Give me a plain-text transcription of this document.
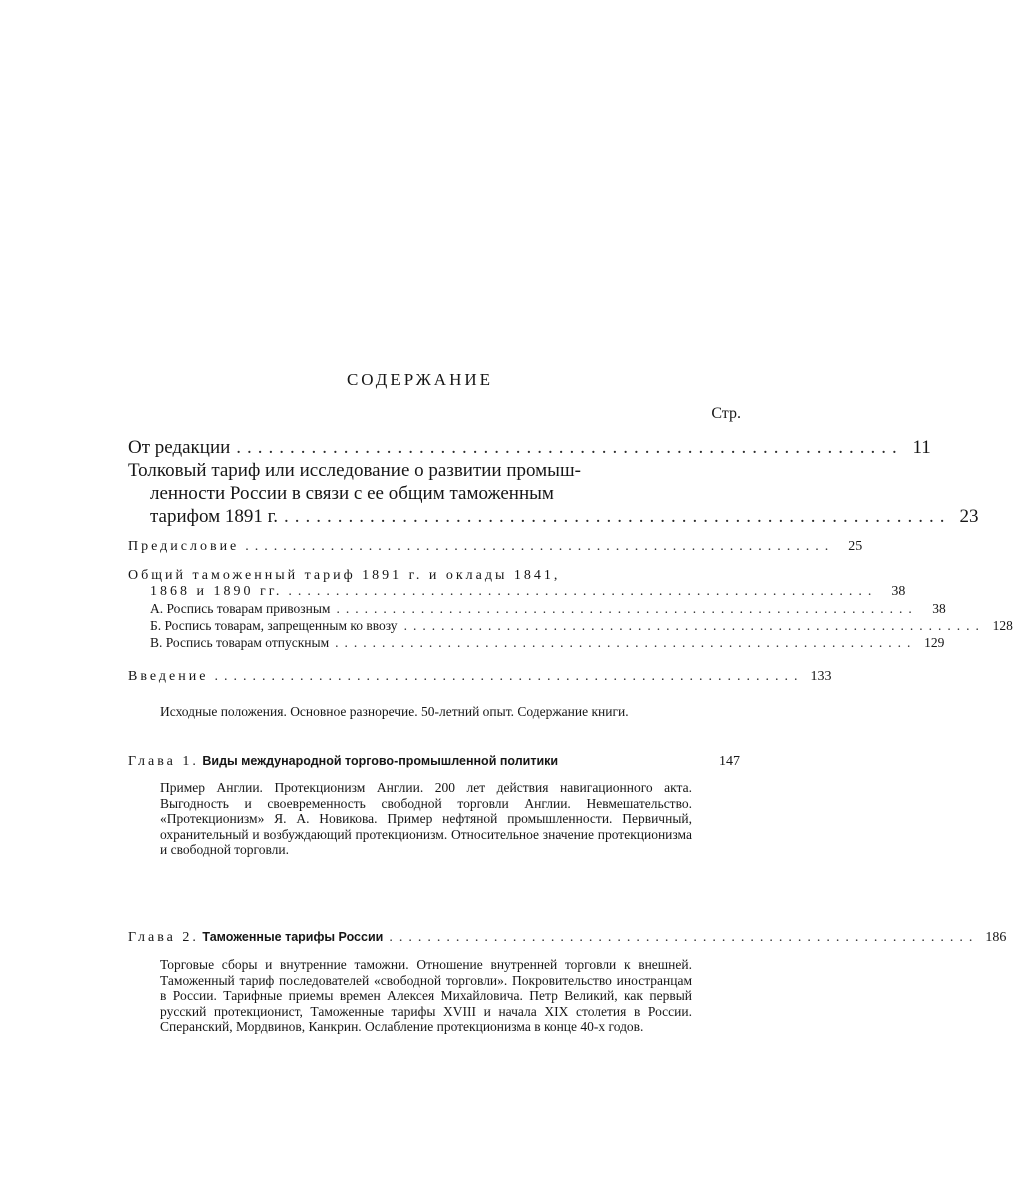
СОДЕРЖАНИЕ
Стр.
От редакции .............................................................. 11
Толковый тариф или исследование о развитии промыш-
ленности России в связи с ее общим таможенным
тарифом 1891 г. .............................................................. 23
Предисловие ..............................................................	25
Общий таможенный тариф 1891 г. и оклады 1841,
1868 и 1890 гг. ..............................................................	38
А. Роспись товарам привозным ..............................................................	38
Б. Роспись товарам, запрещенным ко ввозу .............................................................. 128
В. Роспись товарам отпускным .............................................................. 129
Введение .............................................................. 133
Исходные положения. Основное разноречие. 50-летний опыт. Содержание книги.
Глава 1. Виды международной торгово-промышленной политики	147
Пример Англии. Протекционизм Англии. 200 лет действия навигационного акта. Выгодность и своевременность свободной торговли Англии. Невмешательство. «Протекционизм» Я. А. Новикова. Пример нефтяной промышленности. Первичный, охранительный и возбуждающий протекционизм. Относительное значение протекционизма и свободной торговли.
Глава 2. Таможенные тарифы России .............................................................. 186
Торговые сборы и внутренние таможни. Отношение внутренней торговли к внешней. Таможенный тариф последователей «свободной торговли». Покровительство иностранцам в России. Тарифные приемы времен Алексея Михайловича. Петр Великий, как первый русский протекционист, Таможенные тарифы XVIII и начала XIX столетия в России. Сперанский, Мордвинов, Канкрин. Ослабление протекционизма в конце 40-х годов.
